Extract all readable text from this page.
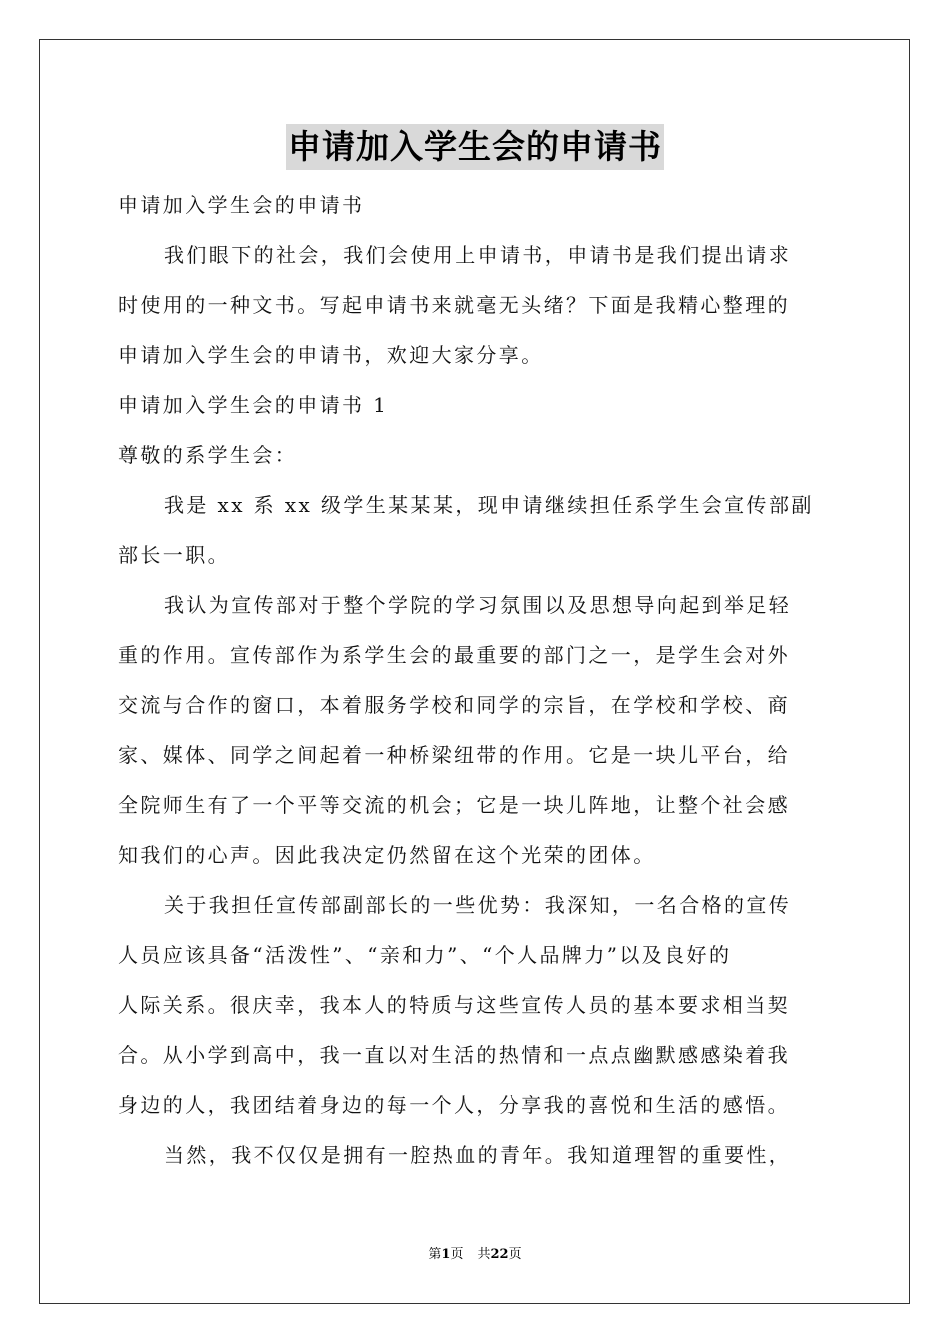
申请加入学生会的申请书
申请加入学生会的申请书
我们眼下的社会，我们会使用上申请书，申请书是我们提出请求
时使用的一种文书。写起申请书来就毫无头绪？下面是我精心整理的
申请加入学生会的申请书，欢迎大家分享。
申请加入学生会的申请书 1
尊敬的系学生会：
我是 xx 系 xx 级学生某某某，现申请继续担任系学生会宣传部副
部长一职。
我认为宣传部对于整个学院的学习氛围以及思想导向起到举足轻
重的作用。宣传部作为系学生会的最重要的部门之一，是学生会对外
交流与合作的窗口，本着服务学校和同学的宗旨，在学校和学校、商
家、媒体、同学之间起着一种桥梁纽带的作用。它是一块儿平台，给
全院师生有了一个平等交流的机会；它是一块儿阵地，让整个社会感
知我们的心声。因此我决定仍然留在这个光荣的团体。
关于我担任宣传部副部长的一些优势：我深知，一名合格的宣传
人员应该具备“活泼性”、“亲和力”、“个人品牌力”以及良好的
人际关系。很庆幸，我本人的特质与这些宣传人员的基本要求相当契
合。从小学到高中，我一直以对生活的热情和一点点幽默感感染着我
身边的人，我团结着身边的每一个人，分享我的喜悦和生活的感悟。
当然，我不仅仅是拥有一腔热血的青年。我知道理智的重要性，
第1页 共22页
